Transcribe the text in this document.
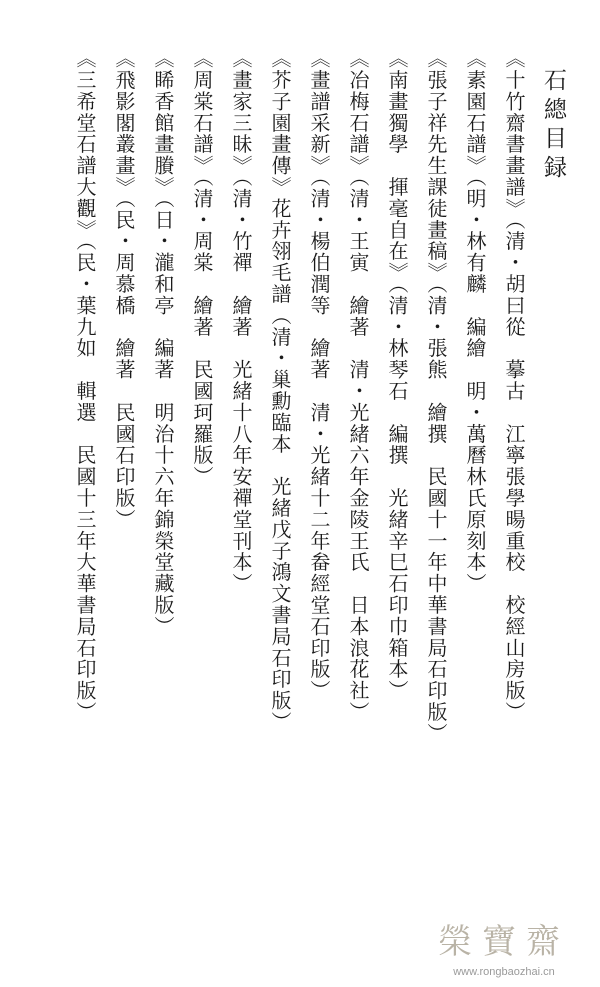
石總目録
《十竹齋書畫譜》（清・胡曰從　摹古　江寧張學暘重校　校經山房版）
《素園石譜》（明・林有麟　編繪　明・萬曆林氏原刻本）
《張子祥先生課徒畫稿》（清・張熊　繪撰　民國十一年中華書局石印版）
《南畫獨學　揮毫自在》（清・林琴石　編撰　光緒辛巳石印巾箱本）
《冶梅石譜》（清・王寅　繪著　清・光緒六年金陵王氏　日本浪花社）
《畫譜采新》（清・楊伯潤等　繪著　清・光緒十二年畚經堂石印版）
《芥子園畫傳》花卉翎毛譜（清・巢勳臨本　光緒戊子鴻文書局石印版）
《畫家三昧》（清・竹禪　繪著　光緒十八年安禪堂刊本）
《周棠石譜》（清・周棠　繪著　民國珂羅版）
《睎香館畫賸》（日・瀧和亭　編著　明治十六年錦榮堂藏版）
《飛影閣叢畫》（民・周慕橋　繪著　民國石印版）
《三希堂石譜大觀》（民・葉九如　輯選　民國十三年大華書局石印版）
榮寶齋
www.rongbaozhai.cn
